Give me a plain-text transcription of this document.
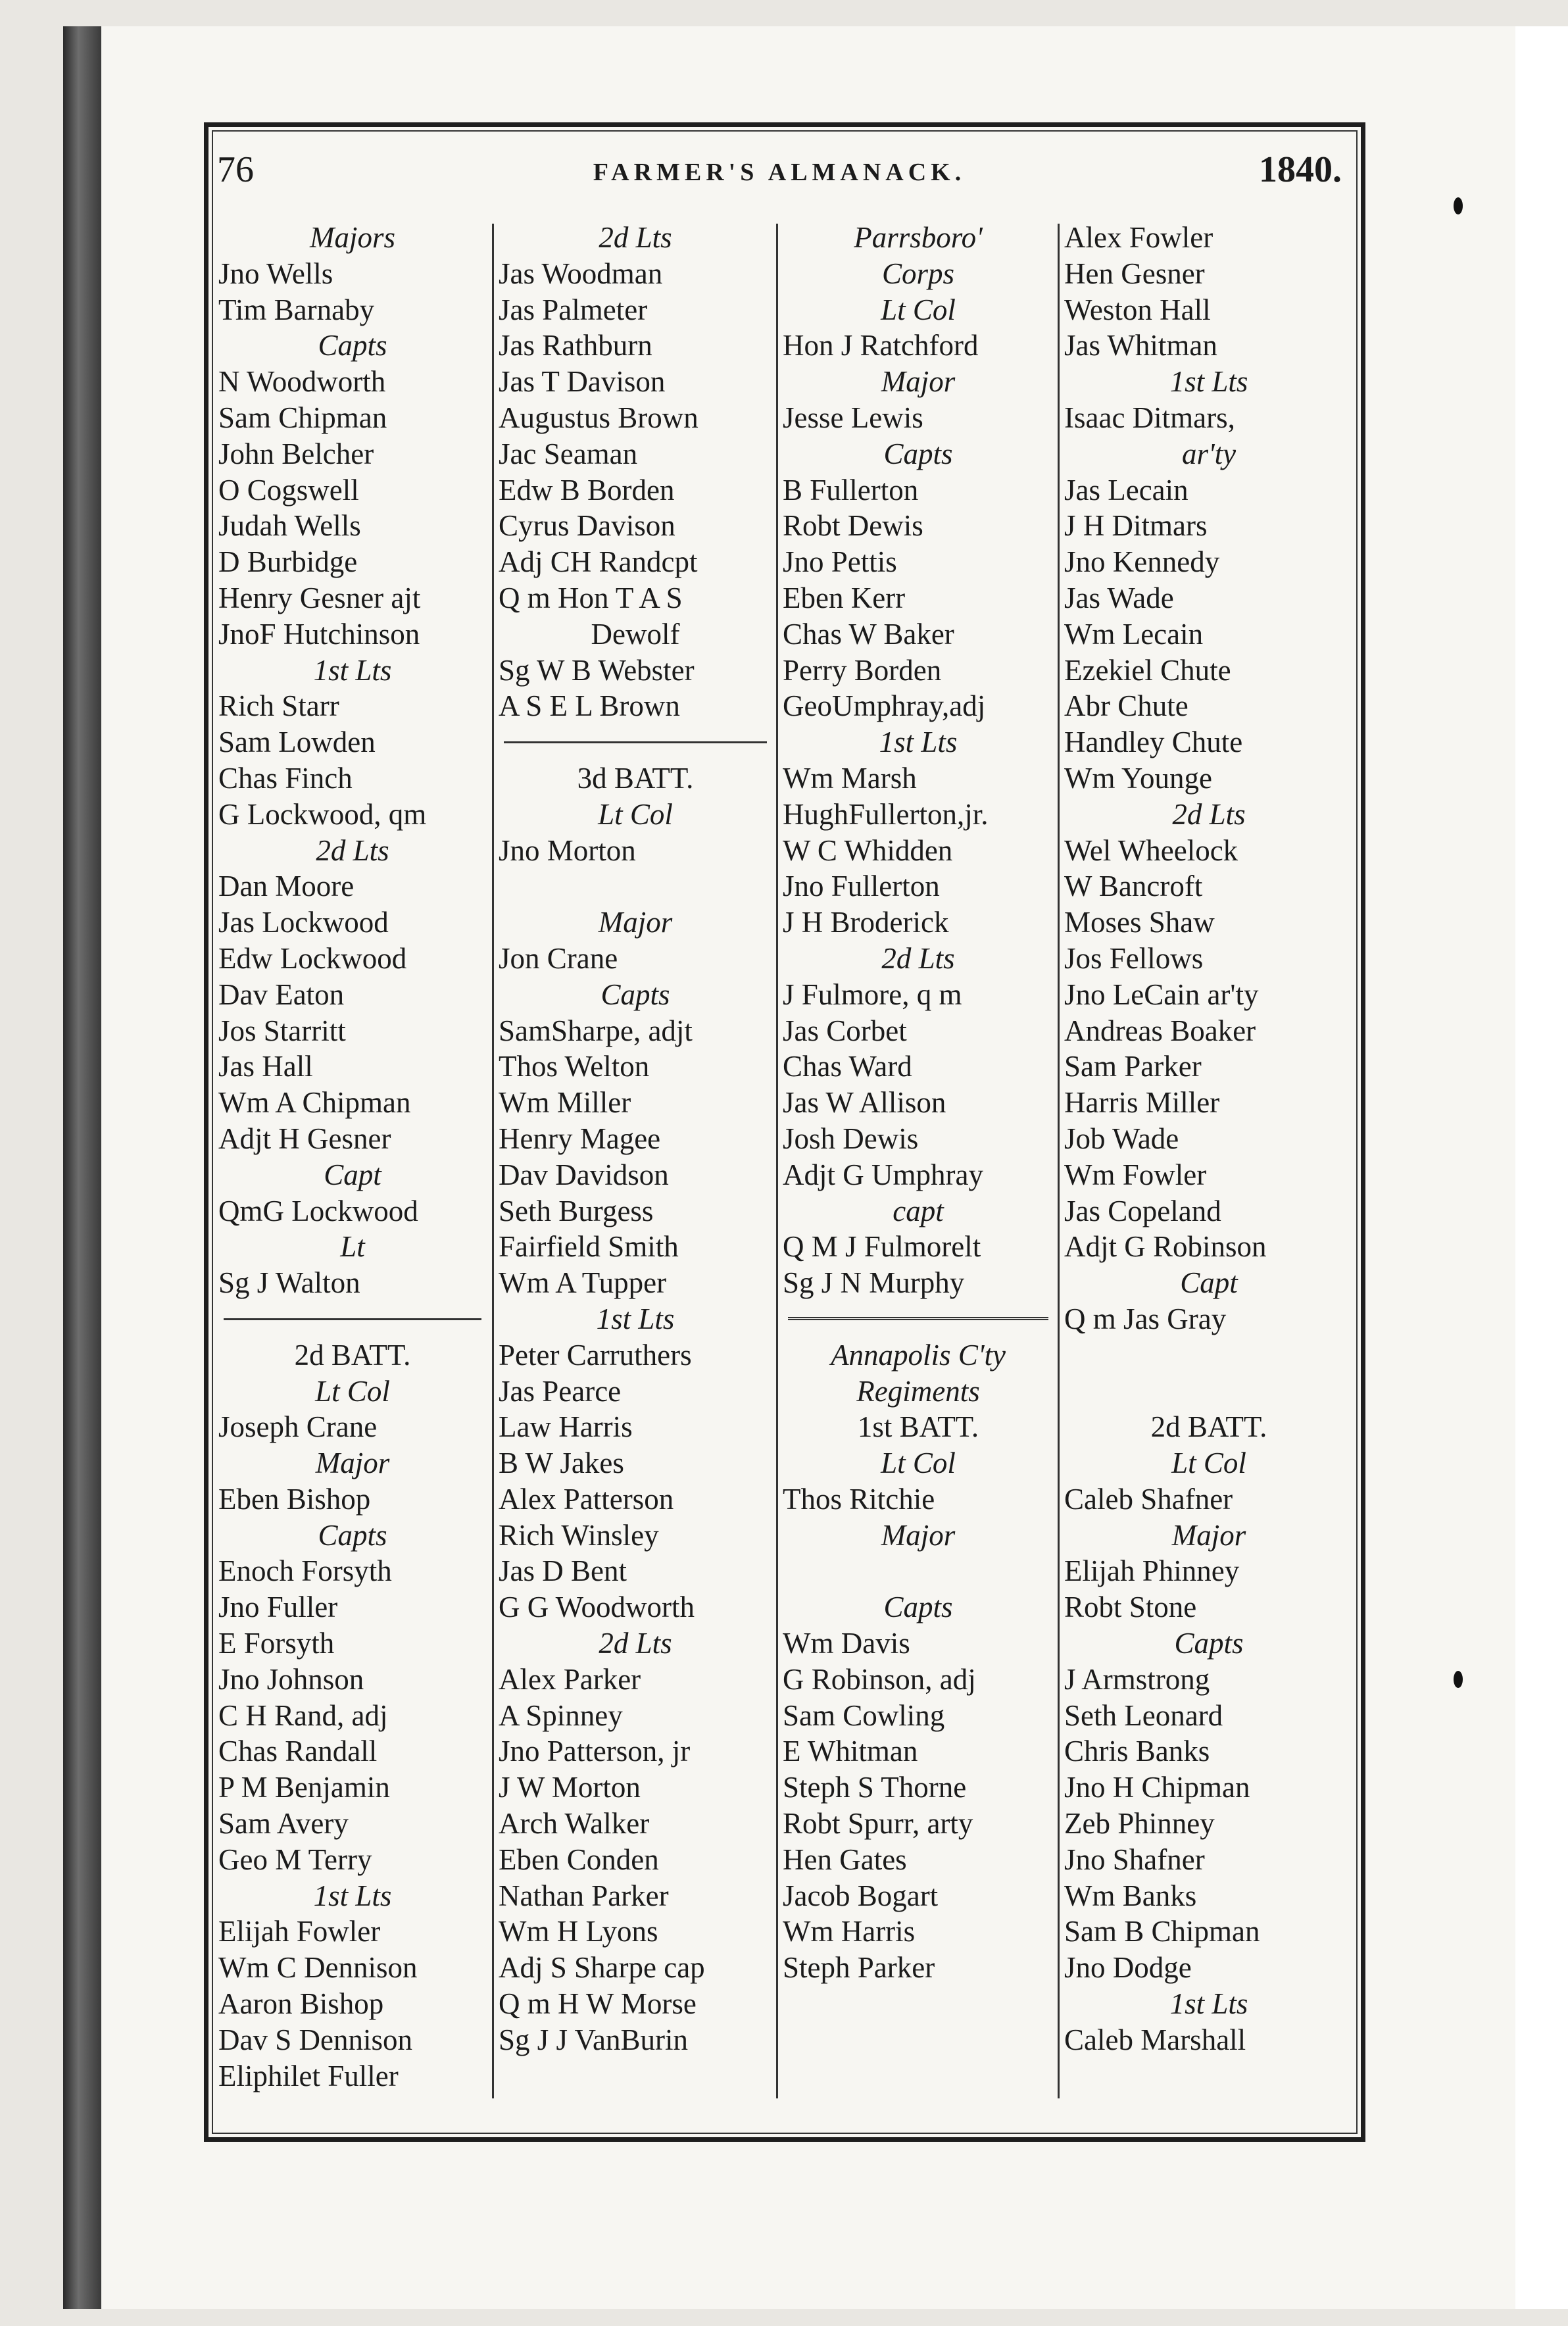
76	FARMER'S ALMANACK.	1840.
Majors
Jno Wells
Tim Barnaby
Capts
N Woodworth
Sam Chipman
John Belcher
O Cogswell
Judah Wells
D Burbidge
Henry Gesner ajt
JnoF Hutchinson
1st Lts
Rich Starr
Sam Lowden
Chas Finch
G Lockwood, qm
2d Lts
Dan Moore
Jas Lockwood
Edw Lockwood
Dav Eaton
Jos Starritt
Jas Hall
Wm A Chipman
Adjt H Gesner
Capt
QmG Lockwood
Lt
Sg J Walton
2d BATT.
Lt Col
Joseph Crane
Major
Eben Bishop
Capts
Enoch Forsyth
Jno Fuller
E Forsyth
Jno Johnson
C H Rand, adj
Chas Randall
P M Benjamin
Sam Avery
Geo M Terry
1st Lts
Elijah Fowler
Wm C Dennison
Aaron Bishop
Dav S Dennison
Eliphilet Fuller
2d Lts
Jas Woodman
Jas Palmeter
Jas Rathburn
Jas T Davison
Augustus Brown
Jac Seaman
Edw B Borden
Cyrus Davison
Adj CH Randcpt
Q m Hon T A S
Dewolf
Sg W B Webster
A S E L Brown
3d BATT.
Lt Col
Jno Morton
Major
Jon Crane
Capts
SamSharpe, adjt
Thos Welton
Wm Miller
Henry Magee
Dav Davidson
Seth Burgess
Fairfield Smith
Wm A Tupper
1st Lts
Peter Carruthers
Jas Pearce
Law Harris
B W Jakes
Alex Patterson
Rich Winsley
Jas D Bent
G G Woodworth
2d Lts
Alex Parker
A Spinney
Jno Patterson, jr
J W Morton
Arch Walker
Eben Conden
Nathan Parker
Wm H Lyons
Adj S Sharpe cap
Q m H W Morse
Sg J J VanBurin
Parrsboro'
Corps
Lt Col
Hon J Ratchford
Major
Jesse Lewis
Capts
B Fullerton
Robt Dewis
Jno Pettis
Eben Kerr
Chas W Baker
Perry Borden
GeoUmphray,adj
1st Lts
Wm Marsh
HughFullerton,jr.
W C Whidden
Jno Fullerton
J H Broderick
2d Lts
J Fulmore, q m
Jas Corbet
Chas Ward
Jas W Allison
Josh Dewis
Adjt G Umphray
capt
Q M J Fulmorelt
Sg J N Murphy
Annapolis C'ty
Regiments
1st BATT.
Lt Col
Thos Ritchie
Major
Capts
Wm Davis
G Robinson, adj
Sam Cowling
E Whitman
Steph S Thorne
Robt Spurr, arty
Hen Gates
Jacob Bogart
Wm Harris
Steph Parker
Alex Fowler
Hen Gesner
Weston Hall
Jas Whitman
1st Lts
Isaac Ditmars,
ar'ty
Jas Lecain
J H Ditmars
Jno Kennedy
Jas Wade
Wm Lecain
Ezekiel Chute
Abr Chute
Handley Chute
Wm Younge
2d Lts
Wel Wheelock
W Bancroft
Moses Shaw
Jos Fellows
Jno LeCain ar'ty
Andreas Boaker
Sam Parker
Harris Miller
Job Wade
Wm Fowler
Jas Copeland
Adjt G Robinson
Capt
Q m Jas Gray
2d BATT.
Lt Col
Caleb Shafner
Major
Elijah Phinney
Robt Stone
Capts
J Armstrong
Seth Leonard
Chris Banks
Jno H Chipman
Zeb Phinney
Jno Shafner
Wm Banks
Sam B Chipman
Jno Dodge
1st Lts
Caleb Marshall
